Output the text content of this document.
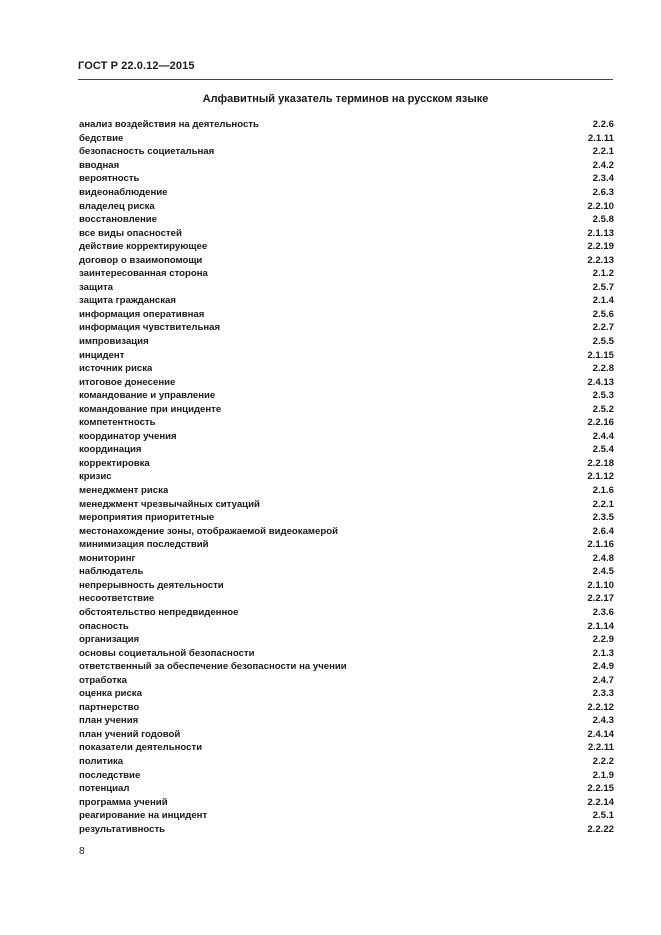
ГОСТ Р 22.0.12—2015
Алфавитный указатель терминов на русском языке
анализ воздействия на деятельность	2.2.6
бедствие	2.1.11
безопасность социетальная	2.2.1
вводная	2.4.2
вероятность	2.3.4
видеонаблюдение	2.6.3
владелец риска	2.2.10
восстановление	2.5.8
все виды опасностей	2.1.13
действие корректирующее	2.2.19
договор о взаимопомощи	2.2.13
заинтересованная сторона	2.1.2
защита	2.5.7
защита гражданская	2.1.4
информация оперативная	2.5.6
информация чувствительная	2.2.7
импровизация	2.5.5
инцидент	2.1.15
источник риска	2.2.8
итоговое донесение	2.4.13
командование и управление	2.5.3
командование при инциденте	2.5.2
компетентность	2.2.16
координатор учения	2.4.4
координация	2.5.4
корректировка	2.2.18
кризис	2.1.12
менеджмент риска	2.1.6
менеджмент чрезвычайных ситуаций	2.2.1
мероприятия приоритетные	2.3.5
местонахождение зоны, отображаемой видеокамерой	2.6.4
минимизация последствий	2.1.16
мониторинг	2.4.8
наблюдатель	2.4.5
непрерывность деятельности	2.1.10
несоответствие	2.2.17
обстоятельство непредвиденное	2.3.6
опасность	2.1.14
организация	2.2.9
основы социетальной безопасности	2.1.3
ответственный за обеспечение безопасности на учении	2.4.9
отработка	2.4.7
оценка риска	2.3.3
партнерство	2.2.12
план учения	2.4.3
план учений годовой	2.4.14
показатели деятельности	2.2.11
политика	2.2.2
последствие	2.1.9
потенциал	2.2.15
программа учений	2.2.14
реагирование на инцидент	2.5.1
результативность	2.2.22
8
